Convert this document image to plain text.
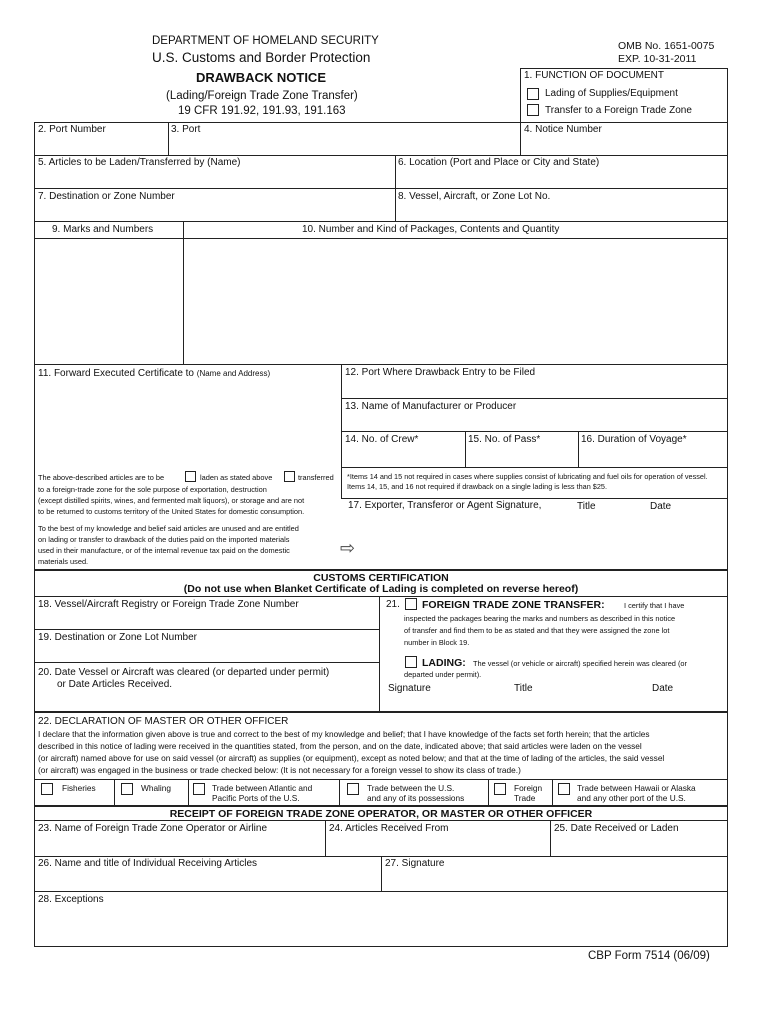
DEPARTMENT OF HOMELAND SECURITY
U.S. Customs and Border Protection
DRAWBACK NOTICE
(Lading/Foreign Trade Zone Transfer)
19 CFR 191.92, 191.93, 191.163
OMB No. 1651-0075
EXP. 10-31-2011
1. FUNCTION OF DOCUMENT
Lading of Supplies/Equipment
Transfer to a Foreign Trade Zone
2. Port Number	3. Port	4. Notice Number
5. Articles to be Laden/Transferred by (Name)	6. Location (Port and Place or City and State)
7. Destination or Zone Number	8. Vessel, Aircraft, or Zone Lot No.
9. Marks and Numbers	10. Number and Kind of Packages, Contents and Quantity
11. Forward Executed Certificate to (Name and Address)	12. Port Where Drawback Entry to be Filed
13. Name of Manufacturer or Producer
14. No. of Crew*	15. No. of Pass*	16. Duration of Voyage*
*Items 14 and 15 not required in cases where supplies consist of lubricating and fuel oils for operation of vessel. Items 14, 15, and 16 not required if drawback on a single lading is less than $25.
17. Exporter, Transferor or Agent Signature,	Title	Date
The above-described articles are to be	laden as stated above	transferred
to a foreign-trade zone for the sole purpose of exportation, destruction
(except distilled spirits, wines, and fermented malt liquors), or storage and are not
to be returned to customs territory of the United States for domestic consumption.
To the best of my knowledge and belief said articles are unused and are entitled
on lading or transfer to drawback of the duties paid on the imported materials
used in their manufacture, or of the internal revenue tax paid on the domestic
materials used.
⇨
CUSTOMS CERTIFICATION
(Do not use when Blanket Certificate of Lading is completed on reverse hereof)
18. Vessel/Aircraft Registry or Foreign Trade Zone Number
19. Destination or Zone Lot Number
20. Date Vessel or Aircraft was cleared (or departed under permit)
or Date Articles Received.
21. FOREIGN TRADE ZONE TRANSFER:	I certify that I have
inspected the packages bearing the marks and numbers as described in this notice
of transfer and find them to be as stated and that they were assigned the zone lot
number in Block 19.
LADING: The vessel (or vehicle or aircraft) specified herein was cleared (or
departed under permit).
Signature	Title	Date
22. DECLARATION OF MASTER OR OTHER OFFICER
I declare that the information given above is true and correct to the best of my knowledge and belief; that I have knowledge of the facts set forth herein; that the articles
described in this notice of lading were received in the quantities stated, from the person, and on the date, indicated above; that said articles were laden on the vessel
(or aircraft) named above for use on said vessel (or aircraft) as supplies (or equipment), except as noted below; and that at the time of lading of the articles, the said vessel
(or aircraft) was engaged in the business or trade checked below: (It is not necessary for a foreign vessel to show its class of trade.)
Fisheries	Whaling	Trade between Atlantic and
Pacific Ports of the U.S.
Trade between the U.S.
and any of its possessions
Foreign
Trade
Trade between Hawaii or Alaska
and any other port of the U.S.
RECEIPT OF FOREIGN TRADE ZONE OPERATOR, OR MASTER OR OTHER OFFICER
23. Name of Foreign Trade Zone Operator or Airline	24. Articles Received From	25. Date Received or Laden
26. Name and title of Individual Receiving Articles	27. Signature
28. Exceptions
CBP Form 7514 (06/09)
